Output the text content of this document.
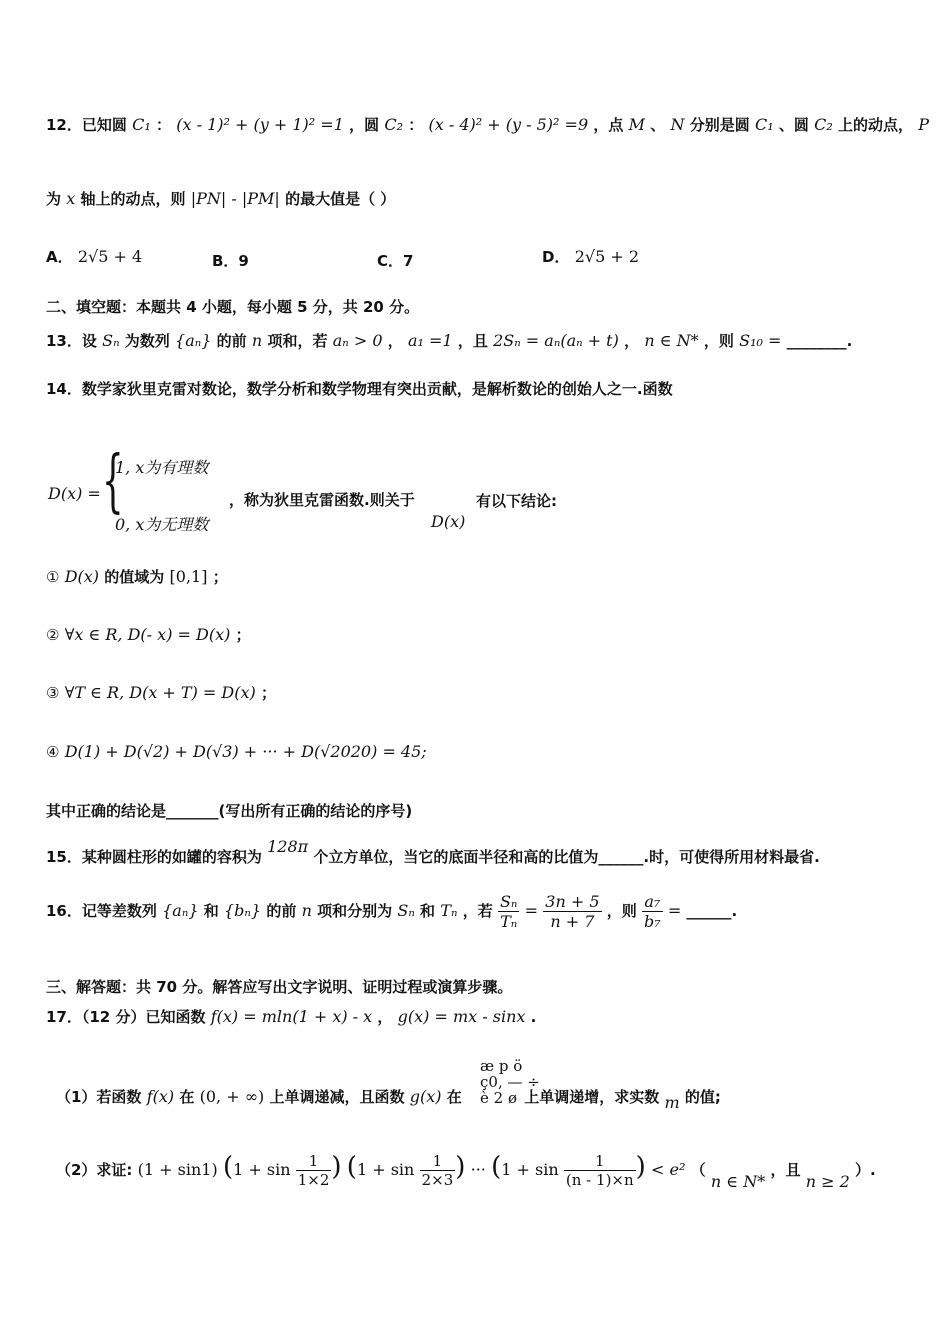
12．已知圆 C₁ ： (x - 1)² + (y + 1)² =1 ，圆 C₂ ： (x - 4)² + (y - 5)² =9 ，点 M 、 N 分别是圆 C₁ 、圆 C₂ 上的动点， P
为 x 轴上的动点，则 |PN| - |PM| 的最大值是（ ）
A． 2√5 + 4	B．9	C．7	D． 2√5 + 2
二、填空题：本题共 4 小题，每小题 5 分，共 20 分。
13．设 Sₙ 为数列 {aₙ} 的前 n 项和，若 aₙ > 0 ， a₁ =1 ，且 2Sₙ = aₙ(aₙ + t) ， n ∈ N* ，则 S₁₀ = ________.
14．数学家狄里克雷对数论，数学分析和数学物理有突出贡献，是解析数论的创始人之一.函数
D(x) = {
1, x为有理数
0, x为无理数
，称为狄里克雷函数.则关于
D(x)
有以下结论:
① D(x) 的值域为 [0,1] ；
② ∀x ∈ R, D(- x) = D(x) ；
③ ∀T ∈ R, D(x + T) = D(x) ；
④ D(1) + D(√2) + D(√3) + ··· + D(√2020) = 45;
其中正确的结论是_______(写出所有正确的结论的序号)
15．某种圆柱形的如罐的容积为 128π 个立方单位，当它的底面半径和高的比值为______.时，可使得所用材料最省.
16．记等差数列 {aₙ} 和 {bₙ} 的前 n 项和分别为 Sₙ 和 Tₙ ，若 $\frac{\text{Sₙ}}{\text{Tₙ}} = \frac{3n + 5}{n + 7}$ ，则 $\frac{\text{a₇}}{\text{b₇}}$ = ______.
三、解答题：共 70 分。解答应写出文字说明、证明过程或演算步骤。
17．（12 分）已知函数 f(x) = mln(1 + x) - x ， g(x) = mx - sinx .
（1）若函数 f(x) 在 (0, + ∞) 上单调递减，且函数 g(x) 在	上单调递增，求实数 m 的值;
æ p ö
ç0, — ÷
è 2 ø
（2）求证: (1 + sin1) ($1 + \sin \frac{1}{1\times 2}$ ) ($1 + \sin \frac{1}{2\times 3}$ ) ··· ($1 + \sin \frac{1}{(n - 1)\times n}$ ) < e² （ n ∈ N* ，且 n ≥ 2 ）.
